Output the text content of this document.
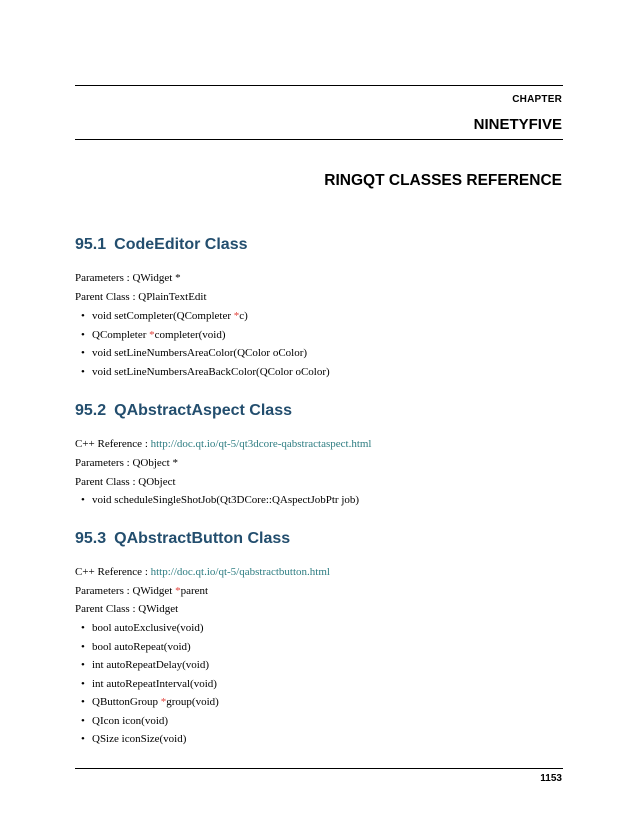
CHAPTER
NINETYFIVE
RINGQT CLASSES REFERENCE
95.1 CodeEditor Class
Parameters : QWidget *
Parent Class : QPlainTextEdit
• void setCompleter(QCompleter *c)
• QCompleter *completer(void)
• void setLineNumbersAreaColor(QColor oColor)
• void setLineNumbersAreaBackColor(QColor oColor)
95.2 QAbstractAspect Class
C++ Reference : http://doc.qt.io/qt-5/qt3dcore-qabstractaspect.html
Parameters : QObject *
Parent Class : QObject
• void scheduleSingleShotJob(Qt3DCore::QAspectJobPtr job)
95.3 QAbstractButton Class
C++ Reference : http://doc.qt.io/qt-5/qabstractbutton.html
Parameters : QWidget *parent
Parent Class : QWidget
• bool autoExclusive(void)
• bool autoRepeat(void)
• int autoRepeatDelay(void)
• int autoRepeatInterval(void)
• QButtonGroup *group(void)
• QIcon icon(void)
• QSize iconSize(void)
1153
